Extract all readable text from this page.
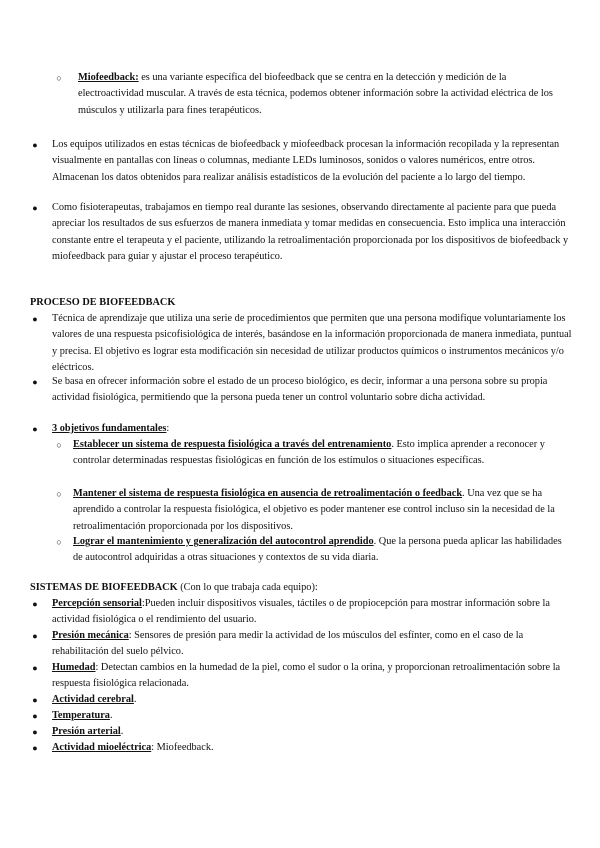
○ Miofeedback: es una variante específica del biofeedback que se centra en la detección y medición de la electroactividad muscular. A través de esta técnica, podemos obtener información sobre la actividad eléctrica de los músculos y utilizarla para fines terapéuticos.
● Los equipos utilizados en estas técnicas de biofeedback y miofeedback procesan la información recopilada y la representan visualmente en pantallas con líneas o columnas, mediante LEDs luminosos, sonidos o valores numéricos, entre otros. Almacenan los datos obtenidos para realizar análisis estadísticos de la evolución del paciente a lo largo del tiempo.
● Como fisioterapeutas, trabajamos en tiempo real durante las sesiones, observando directamente al paciente para que pueda apreciar los resultados de sus esfuerzos de manera inmediata y tomar medidas en consecuencia. Esto implica una interacción constante entre el terapeuta y el paciente, utilizando la retroalimentación proporcionada por los dispositivos de biofeedback y miofeedback para guiar y ajustar el proceso terapéutico.
PROCESO DE BIOFEEDBACK
● Técnica de aprendizaje que utiliza una serie de procedimientos que permiten que una persona modifique voluntariamente los valores de una respuesta psicofisiológica de interés, basándose en la información proporcionada de manera inmediata, puntual y precisa. El objetivo es lograr esta modificación sin necesidad de utilizar productos químicos o instrumentos mecánicos y/o eléctricos.
● Se basa en ofrecer información sobre el estado de un proceso biológico, es decir, informar a una persona sobre su propia actividad fisiológica, permitiendo que la persona pueda tener un control voluntario sobre dicha actividad.
● 3 objetivos fundamentales:
○ Establecer un sistema de respuesta fisiológica a través del entrenamiento. Esto implica aprender a reconocer y controlar determinadas respuestas fisiológicas en función de los estímulos o situaciones específicas.
○ Mantener el sistema de respuesta fisiológica en ausencia de retroalimentación o feedback. Una vez que se ha aprendido a controlar la respuesta fisiológica, el objetivo es poder mantener ese control incluso sin la necesidad de la retroalimentación proporcionada por los dispositivos.
○ Lograr el mantenimiento y generalización del autocontrol aprendido. Que la persona pueda aplicar las habilidades de autocontrol adquiridas a otras situaciones y contextos de su vida diaria.
SISTEMAS DE BIOFEEDBACK (Con lo que trabaja cada equipo):
● Percepción sensorial:Pueden incluir dispositivos visuales, táctiles o de propiocepción para mostrar información sobre la actividad fisiológica o el rendimiento del usuario.
● Presión mecánica: Sensores de presión para medir la actividad de los músculos del esfínter, como en el caso de la rehabilitación del suelo pélvico.
● Humedad: Detectan cambios en la humedad de la piel, como el sudor o la orina, y proporcionan retroalimentación sobre la respuesta fisiológica relacionada.
● Actividad cerebral.
● Temperatura.
● Presión arterial.
● Actividad mioeléctrica: Miofeedback.
